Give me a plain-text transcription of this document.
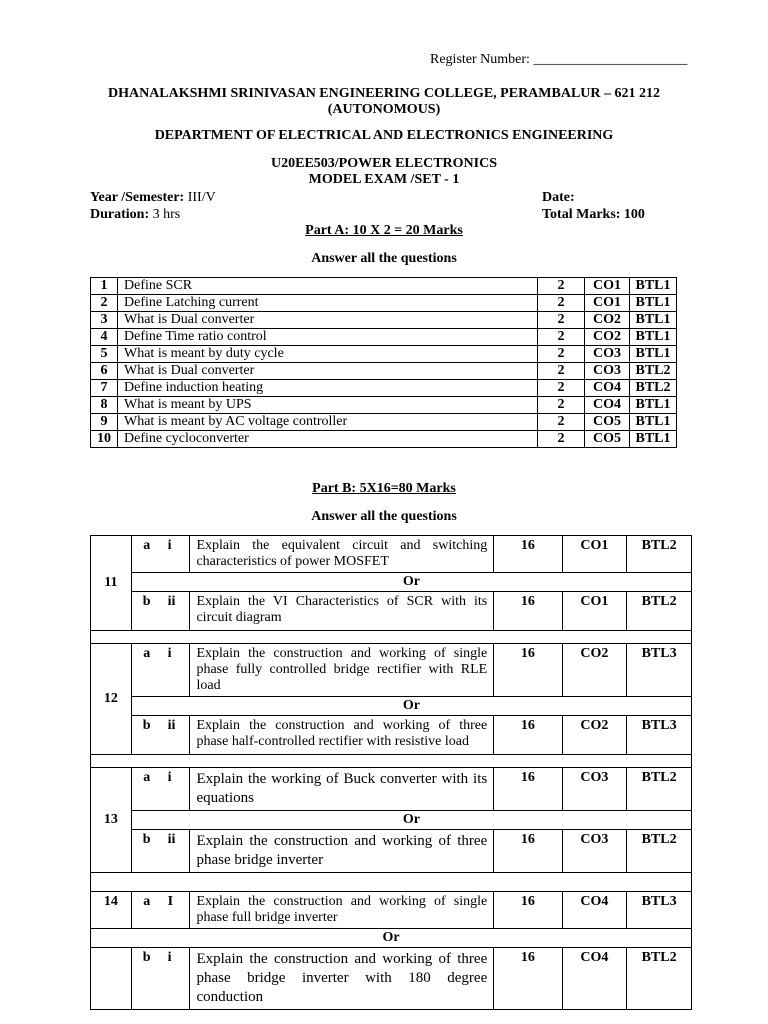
Register Number: ______________________
DHANALAKSHMI SRINIVASAN ENGINEERING COLLEGE, PERAMBALUR – 621 212
(AUTONOMOUS)
DEPARTMENT OF ELECTRICAL AND ELECTRONICS ENGINEERING
U20EE503/POWER ELECTRONICS
MODEL EXAM /SET - 1
Year /Semester: III/V
Duration: 3 hrs
Date:
Total Marks: 100
Part A: 10 X 2 = 20 Marks
Answer all the questions
1	Define SCR	2	CO1	BTL1
2	Define Latching current	2	CO1	BTL1
3	What is Dual converter	2	CO2	BTL1
4	Define Time ratio control	2	CO2	BTL1
5	What is meant by duty cycle	2	CO3	BTL1
6	What is Dual converter	2	CO3	BTL2
7	Define induction heating	2	CO4	BTL2
8	What is meant by UPS	2	CO4	BTL1
9	What is meant by AC voltage controller	2	CO5	BTL1
10	Define cycloconverter	2	CO5	BTL1
Part B: 5X16=80 Marks
Answer all the questions
11	a	i	Explain the equivalent circuit and switching characteristics of power MOSFET	16	CO1	BTL2
	Or					
	b	ii	Explain the VI Characteristics of SCR with its circuit diagram	16	CO1	BTL2

12	a	i	Explain the construction and working of single phase fully controlled bridge rectifier with RLE load	16	CO2	BTL3
	Or					
	b	ii	Explain the construction and working of three phase half-controlled rectifier with resistive load	16	CO2	BTL3

13	a	i	Explain the working of Buck converter with its equations	16	CO3	BTL2
	Or					
	b	ii	Explain the construction and working of three phase bridge inverter	16	CO3	BTL2

14	a	I	Explain the construction and working of single phase full bridge inverter	16	CO4	BTL3
Or						
	b	i	Explain the construction and working of three phase bridge inverter with 180 degree conduction	16	CO4	BTL2
